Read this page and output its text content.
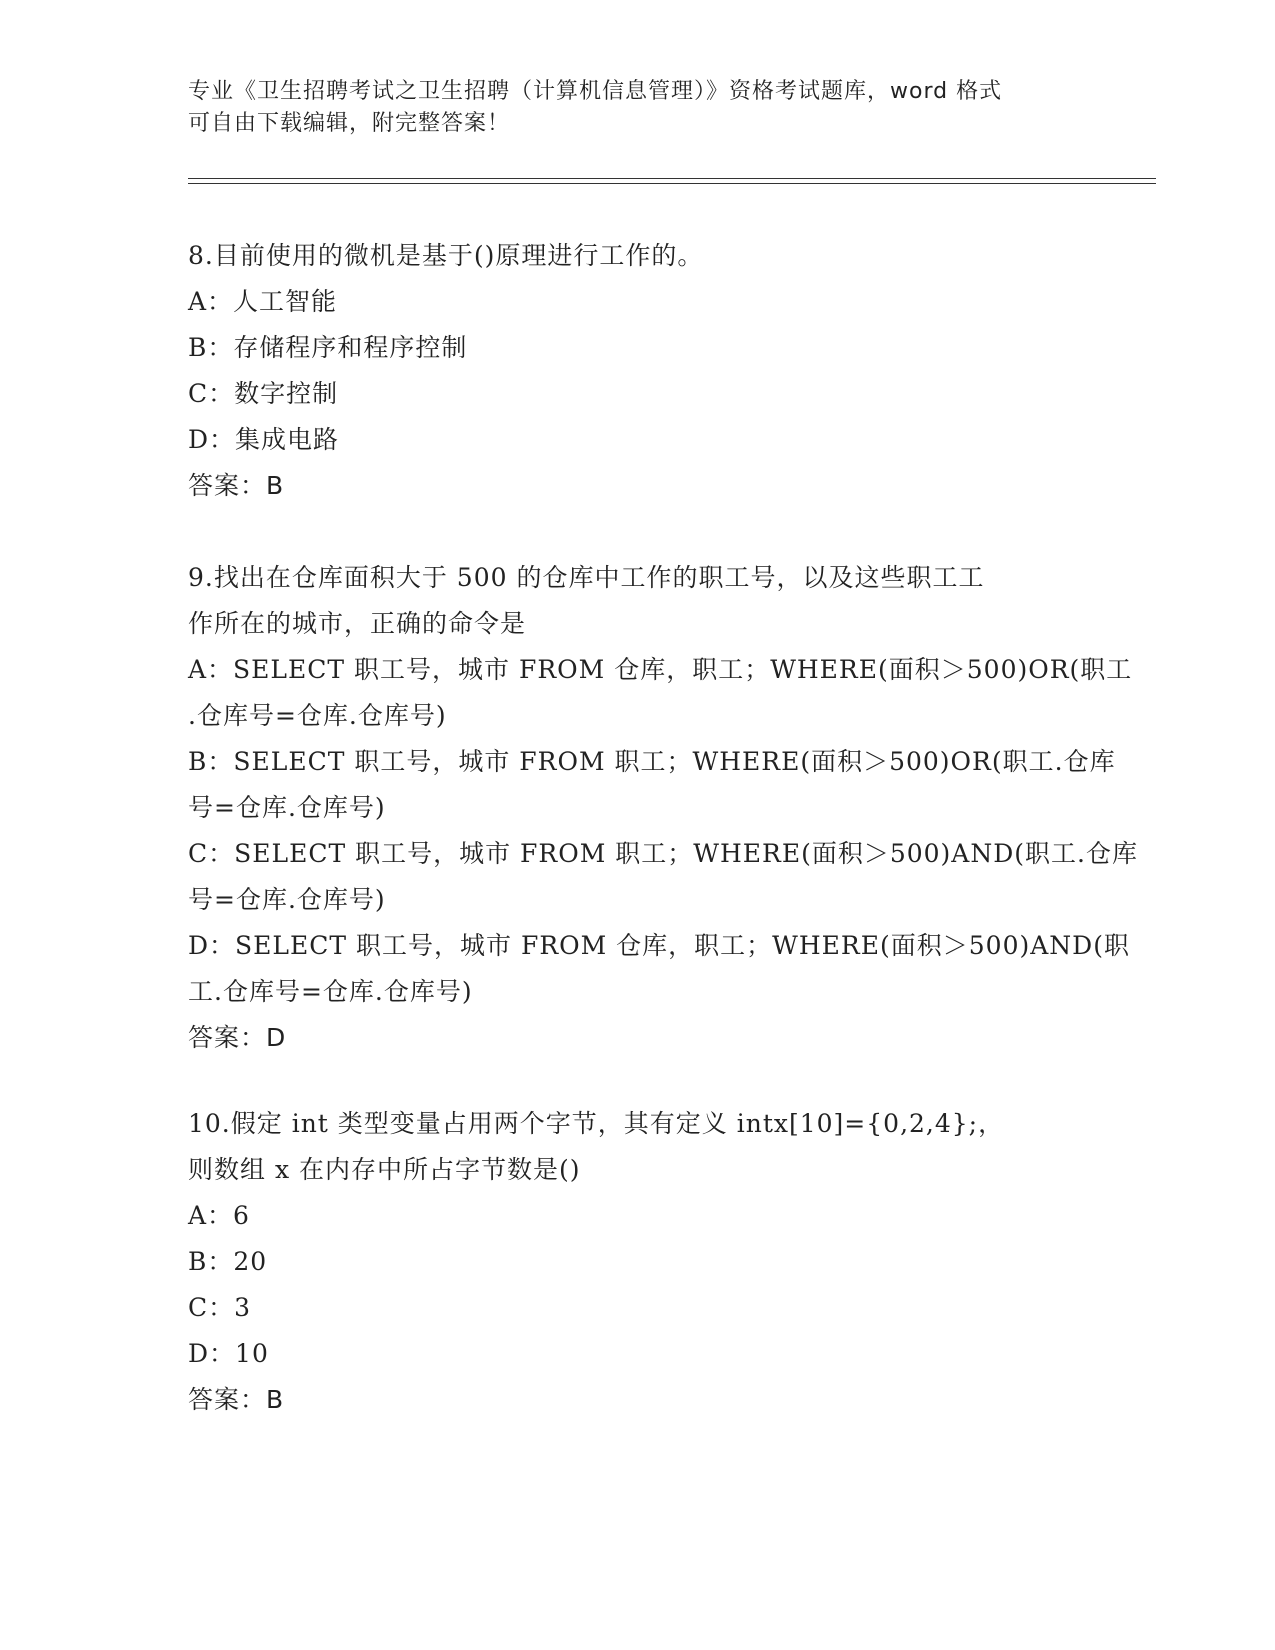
专业《卫生招聘考试之卫生招聘（计算机信息管理）》资格考试题库，word 格式
可自由下载编辑，附完整答案！
8.目前使用的微机是基于()原理进行工作的。
A：人工智能
B：存储程序和程序控制
C：数字控制
D：集成电路
答案：B
9.找出在仓库面积大于 500 的仓库中工作的职工号，以及这些职工工
作所在的城市，正确的命令是
A：SELECT 职工号，城市 FROM 仓库，职工；WHERE(面积＞500)OR(职工
.仓库号=仓库.仓库号)
B：SELECT 职工号，城市 FROM 职工；WHERE(面积＞500)OR(职工.仓库
号=仓库.仓库号)
C：SELECT 职工号，城市 FROM 职工；WHERE(面积＞500)AND(职工.仓库
号=仓库.仓库号)
D：SELECT 职工号，城市 FROM 仓库，职工；WHERE(面积＞500)AND(职
工.仓库号=仓库.仓库号)
答案：D
10.假定 int 类型变量占用两个字节，其有定义 intx[10]={0,2,4};，
则数组 x 在内存中所占字节数是()
A：6
B：20
C：3
D：10
答案：B
